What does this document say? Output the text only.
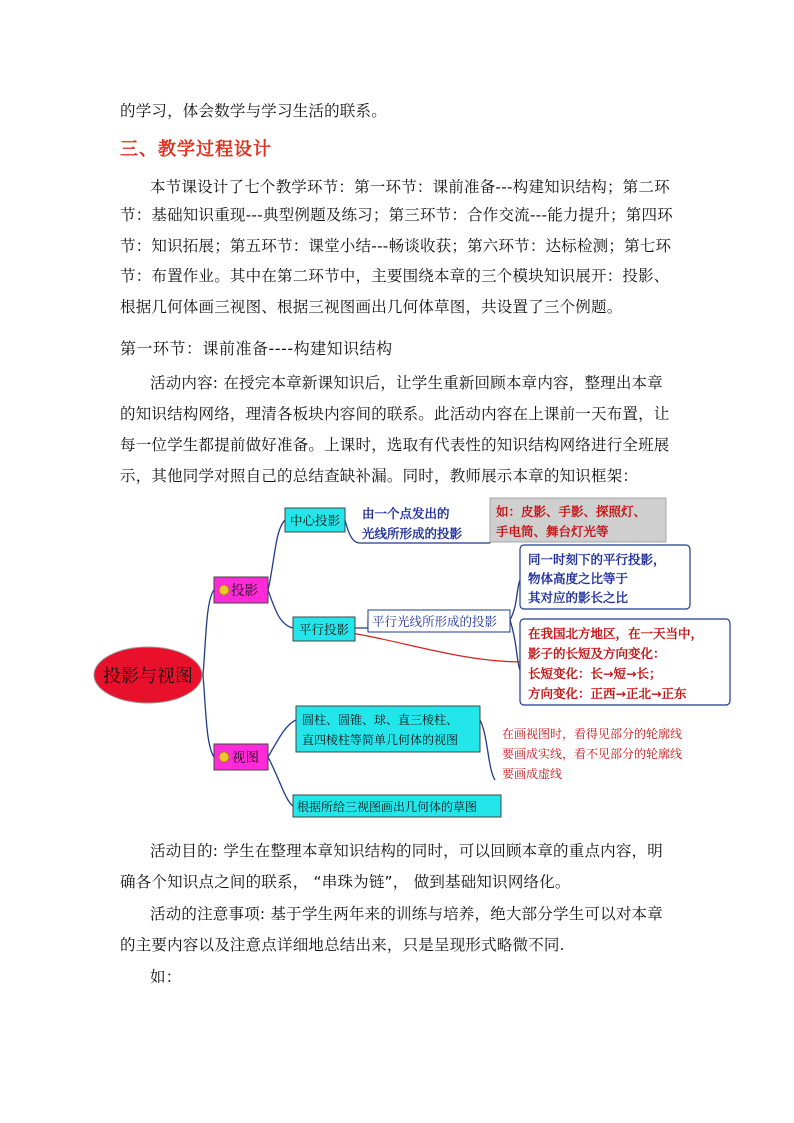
的学习，体会数学与学习生活的联系。
三、教学过程设计
本节课设计了七个教学环节：第一环节：课前准备---构建知识结构；第二环
节：基础知识重现---典型例题及练习；第三环节：合作交流---能力提升；第四环
节：知识拓展；第五环节：课堂小结---畅谈收获；第六环节：达标检测；第七环
节：布置作业。其中在第二环节中，主要围绕本章的三个模块知识展开：投影、
根据几何体画三视图、根据三视图画出几何体草图，共设置了三个例题。
第一环节：课前准备----构建知识结构
活动内容: 在授完本章新课知识后，让学生重新回顾本章内容，整理出本章
的知识结构网络，理清各板块内容间的联系。此活动内容在上课前一天布置，让
每一位学生都提前做好准备。上课时，选取有代表性的知识结构网络进行全班展
示，其他同学对照自己的总结查缺补漏。同时，教师展示本章的知识框架：
投影与视图
投影
视图
中心投影 由一个点发出的
光线所形成的投影
如：皮影、手影、探照灯、
手电筒、舞台灯光等
平行投影
平行光线所形成的投影
同一时刻下的平行投影，
物体高度之比等于
其对应的影长之比
在我国北方地区，在一天当中，
影子的长短及方向变化：
长短变化：长→短→长；
方向变化：正西→正北→正东
圆柱、圆锥、球、直三棱柱、
直四棱柱等简单几何体的视图	在画视图时，看得见部分的轮廓线
要画成实线，看不见部分的轮廓线
要画成虚线
根据所给三视图画出几何体的草图
活动目的: 学生在整理本章知识结构的同时，可以回顾本章的重点内容，明
确各个知识点之间的联系， “串珠为链”， 做到基础知识网络化。
活动的注意事项: 基于学生两年来的训练与培养，绝大部分学生可以对本章
的主要内容以及注意点详细地总结出来，只是呈现形式略微不同.
如：
